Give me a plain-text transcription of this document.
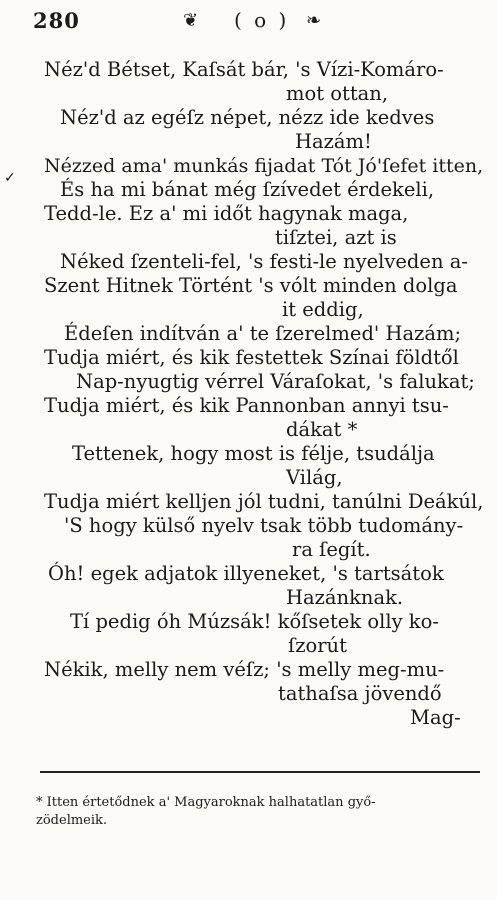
280	❦ ( o ) ❧
✓
Néz'd Bétset, Kaſsát bár, 's Vízi-Komáro-
mot ottan,
Néz'd az egéſz népet, nézz ide kedves
Hazám!
Nézzed ama' munkás fijadat Tót Jó'ſefet itten,
És ha mi bánat még ſzívedet érdekeli,
Tedd-le. Ez a' mi időt hagynak maga,
tiſztei, azt is
Néked ſzenteli-fel, 's festi-le nyelveden a-
Szent Hitnek Történt 's vólt minden dolga
it eddig,
Édeſen indítván a' te ſzerelmed' Hazám;
Tudja miért, és kik festettek Színai földtől
Nap-nyugtig vérrel Váraſokat, 's falukat;
Tudja miért, és kik Pannonban annyi tsu-
dákat *
Tettenek, hogy most is félje, tsudálja
Világ,
Tudja miért kelljen jól tudni, tanúlni Deákúl,
'S hogy külső nyelv tsak több tudomány-
ra ſegít.
Óh! egek adjatok illyeneket, 's tartsátok
Hazánknak.
Tí pedig óh Múzsák! kőſsetek olly ko-
ſzorút
Nékik, melly nem véſz; 's melly meg-mu-
tathaſsa jövendő
Mag-
* Itten értetődnek a' Magyaroknak halhatatlan győ-
zödelmeik.
